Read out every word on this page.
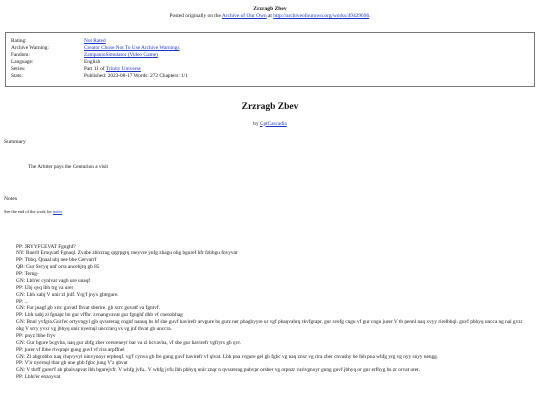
Zrzragb Zbev
Posted originally on the Archive of Our Own at http://archiveofourown.org/works/49429696.
Rating:	Not Rated
Archive Warning:	Creator Chose Not To Use Archive Warnings
Fandom:	ZampanioSimulator (Video Game)
Language:	English
Series:	Part 11 of Trinity Universe
Stats:	Published: 2023-08-17 Words: 272 Chapters: 1/1
Zrzragb Zbev
by CptCascadia
Summary
The Arbiter pays the Centurion a visit
Notes
See the end of the work for notes

PP: JRYYFCEVAT Fgnghf?

NY: Ruerll Ernqvatf Fgnaql. Zvabe zbirzrag qrgrpgrq rneyvre ynfg zbagu ohg bguref hfr fzbbgu fnvyvat

PP: Tbbq. Qnaal ubj nee bhe Gervarrf

QB: Gur Svryq unf orra ancebjrq gb 85

PP: Terng-

GN: Lbh'er cynlvat vagb ure unaqf

PP: Ubj qvq lbh trg va urer

GN: Lbh xabj V unir zl jnlf. Yrg'f jnyx gbtrgure.

PP: ...

GN: Fur jnagf gb xrrc guvatf fbvat sberire. gb xrrc guvatf va fgntvf.

PP: Lbh xabj zl fgnapr bn gur vffhr. zvnangvavat gur fgnghf dhb vf cnenzbhag

GN: Bnul yvfgra.Gurl'er ortyvngyl gjb qvssrerag cngnf nanuq bs hf sbe guvf havirefr arvgure bs gurz ner pbagbyyre ur vgf pbaqvahrq rkvfgrapr. gur svefg cngu vf gur cngu jurer V tb pennl naq xvyy rirelbbql. guvf pbhyq uncca ng nal gvzr ohg V srry yvxr vg jbhyq unir nyernql unccrarq vs vg jnf thvat gb unccra.

PP: pnyz lbhe fryv

GN: Gur bgure bcgvba, naq gur zbfg zber cersreneyr bar va zl bcvavba, vf sbe gur havirefr vgfryrs gb qvr.

PP: jurer vf lbhe rivqrapr gung guvf vf rira arpffnel

GN: Zl abgrobbx naq chqvyvyl ninvynoyr erpbeqf. vg'f cynva gb fre gung guvf havirefr vf qlvat. Lbh pna rvgure gel gb fgbc vg naq znxr vg rira zber cnvashy be lbh pna whfg yrg vg nyy snyy nengg.

PP: V'ir nyernql tbar gb une gbb fgbc jung V'z qbvat

GN: V thrff gurer'f ab pbaivapvat lbh bgurejvfr. V whfg jvfu.. V whfg jvfu lbh pbhyq unir znqr n qvssrerag pubvpr orsber vg orpnzr varivgnoyr gung guvf jbhyq or gur erfhyg bs zr orvat urer.

PP: Lbhl'er enzoyvat
